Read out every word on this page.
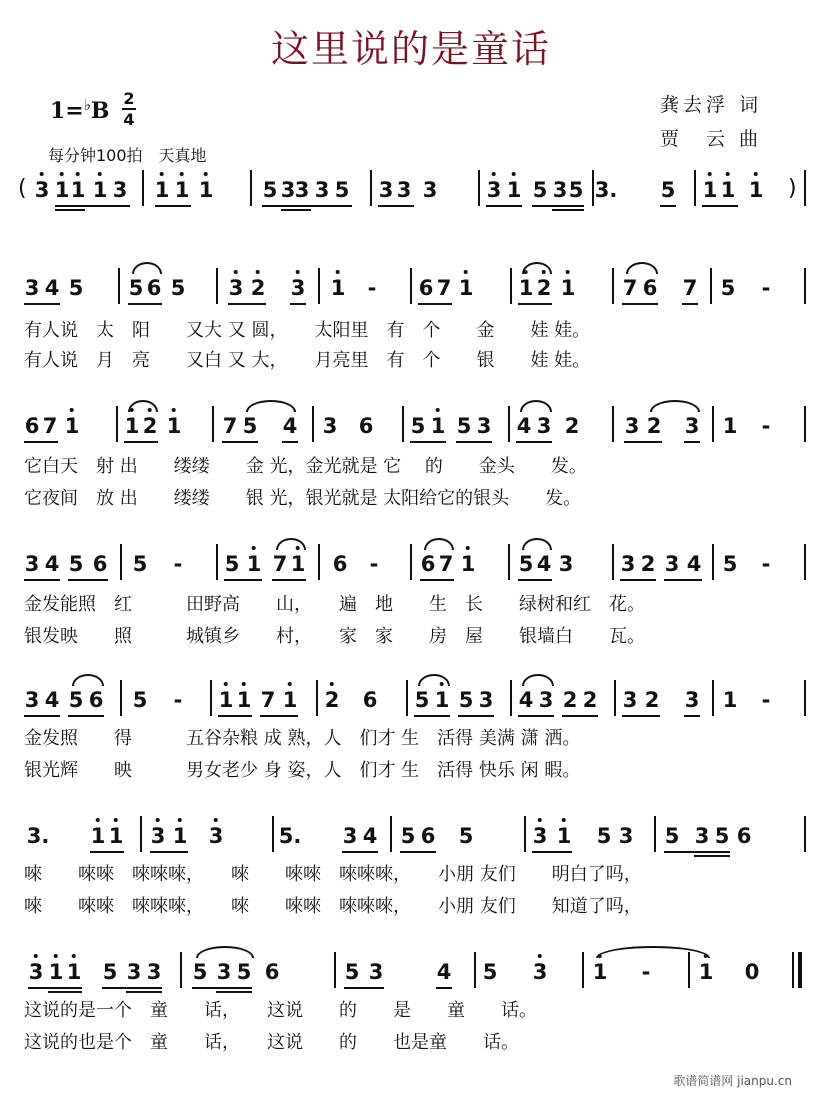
这里说的是童话
1=♭B 2
4
每分钟100拍　天真地
龚去浮 词
贾　云 曲
( 3 1 1 1 3 1 1 1 5 3 3 3 5 3 3 3 3 1 5 3 5 3. 5 1 1 1 )
3 4 5 5 6 5 3 2 3 1 - 6 7 1 1 2 1 7 6 7 5 -
有人说　太　阳　　又大 又 圆，　　太阳里　有　个　　金　　娃 娃。
有人说　月　亮　　又白 又 大，　　月亮里　有　个　　银　　娃 娃。
6 7 1 1 2 1 7 5 4 3 6 5 1 5 3 4 3 2 3 2 3 1 -
它白天　射 出　　缕缕　　金 光，金光就是 它　 的　　金头　　发。
它夜间　放 出　　缕缕　　银 光，银光就是 太阳给它的银头　　发。
3 4 5 6 5 - 5 1 7 1 6 - 6 7 1 5 4 3 3 2 3 4 5 -
金发能照　红　　　田野高　　山，　　遍　地　　生　长　　绿树和红　花。
银发映　　照　　　城镇乡　　村，　　家　家　　房　屋　　银墙白　　瓦。
3 4 5 6 5 - 1 1 7 1 2 6 5 1 5 3 4 3 2 2 3 2 3 1 -
金发照　　得　　　五谷杂粮 成 熟，人　们才 生　活得 美满 潇 洒。
银光辉　　映　　　男女老少 身 姿，人　们才 生　活得 快乐 闲 暇。
3. 1 1 3 1 3	5. 3 4 5 6 5	3 1 5 3 5 3 5 6
唻　　唻唻　唻唻唻，　　唻　　唻唻　唻唻唻，　　小朋 友们　　明白了吗，
唻　　唻唻　唻唻唻，　　唻　　唻唻　唻唻唻，　　小朋 友们　　知道了吗，
3 1 1 5 3 3 5 3 5 6	5 3	4 5 3 1 - 1 0
这说的是一个　童　　话，　　这说　　的　　是　　童　　话。
这说的也是个　童　　话，　　这说　　的　　也是童　　话。
歌谱简谱网 jianpu.cn
